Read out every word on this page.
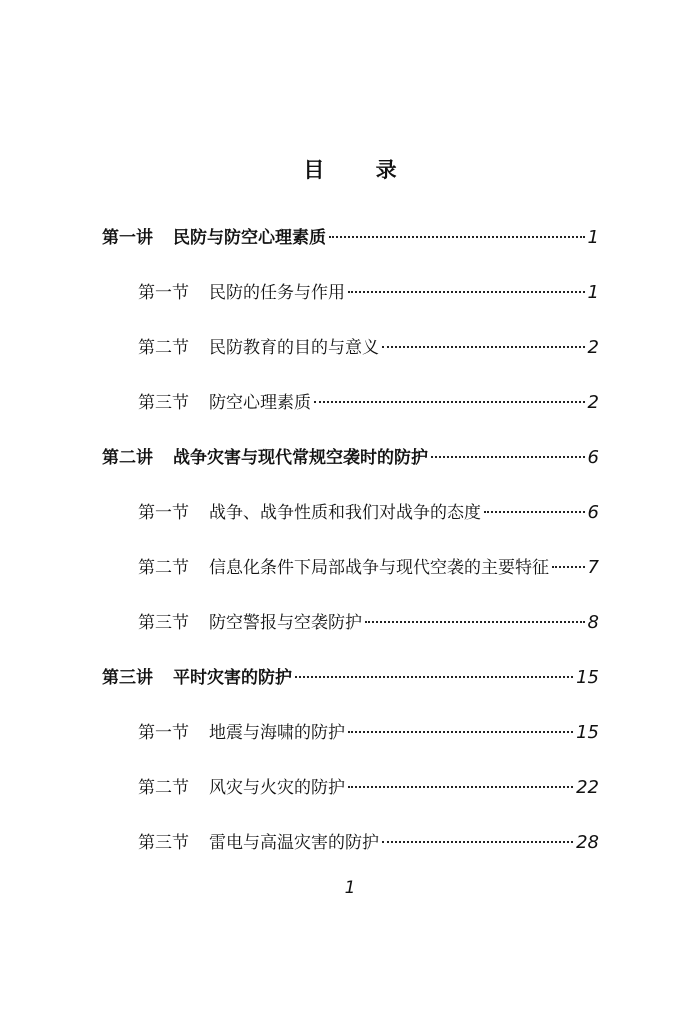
目 录
第一讲 民防与防空心理素质	1
第一节 民防的任务与作用	1
第二节 民防教育的目的与意义	2
第三节 防空心理素质	2
第二讲 战争灾害与现代常规空袭时的防护	6
第一节 战争、战争性质和我们对战争的态度	6
第二节 信息化条件下局部战争与现代空袭的主要特征 7
第三节 防空警报与空袭防护	8
第三讲 平时灾害的防护	15
第一节 地震与海啸的防护	15
第二节 风灾与火灾的防护	22
第三节 雷电与高温灾害的防护	28
1
